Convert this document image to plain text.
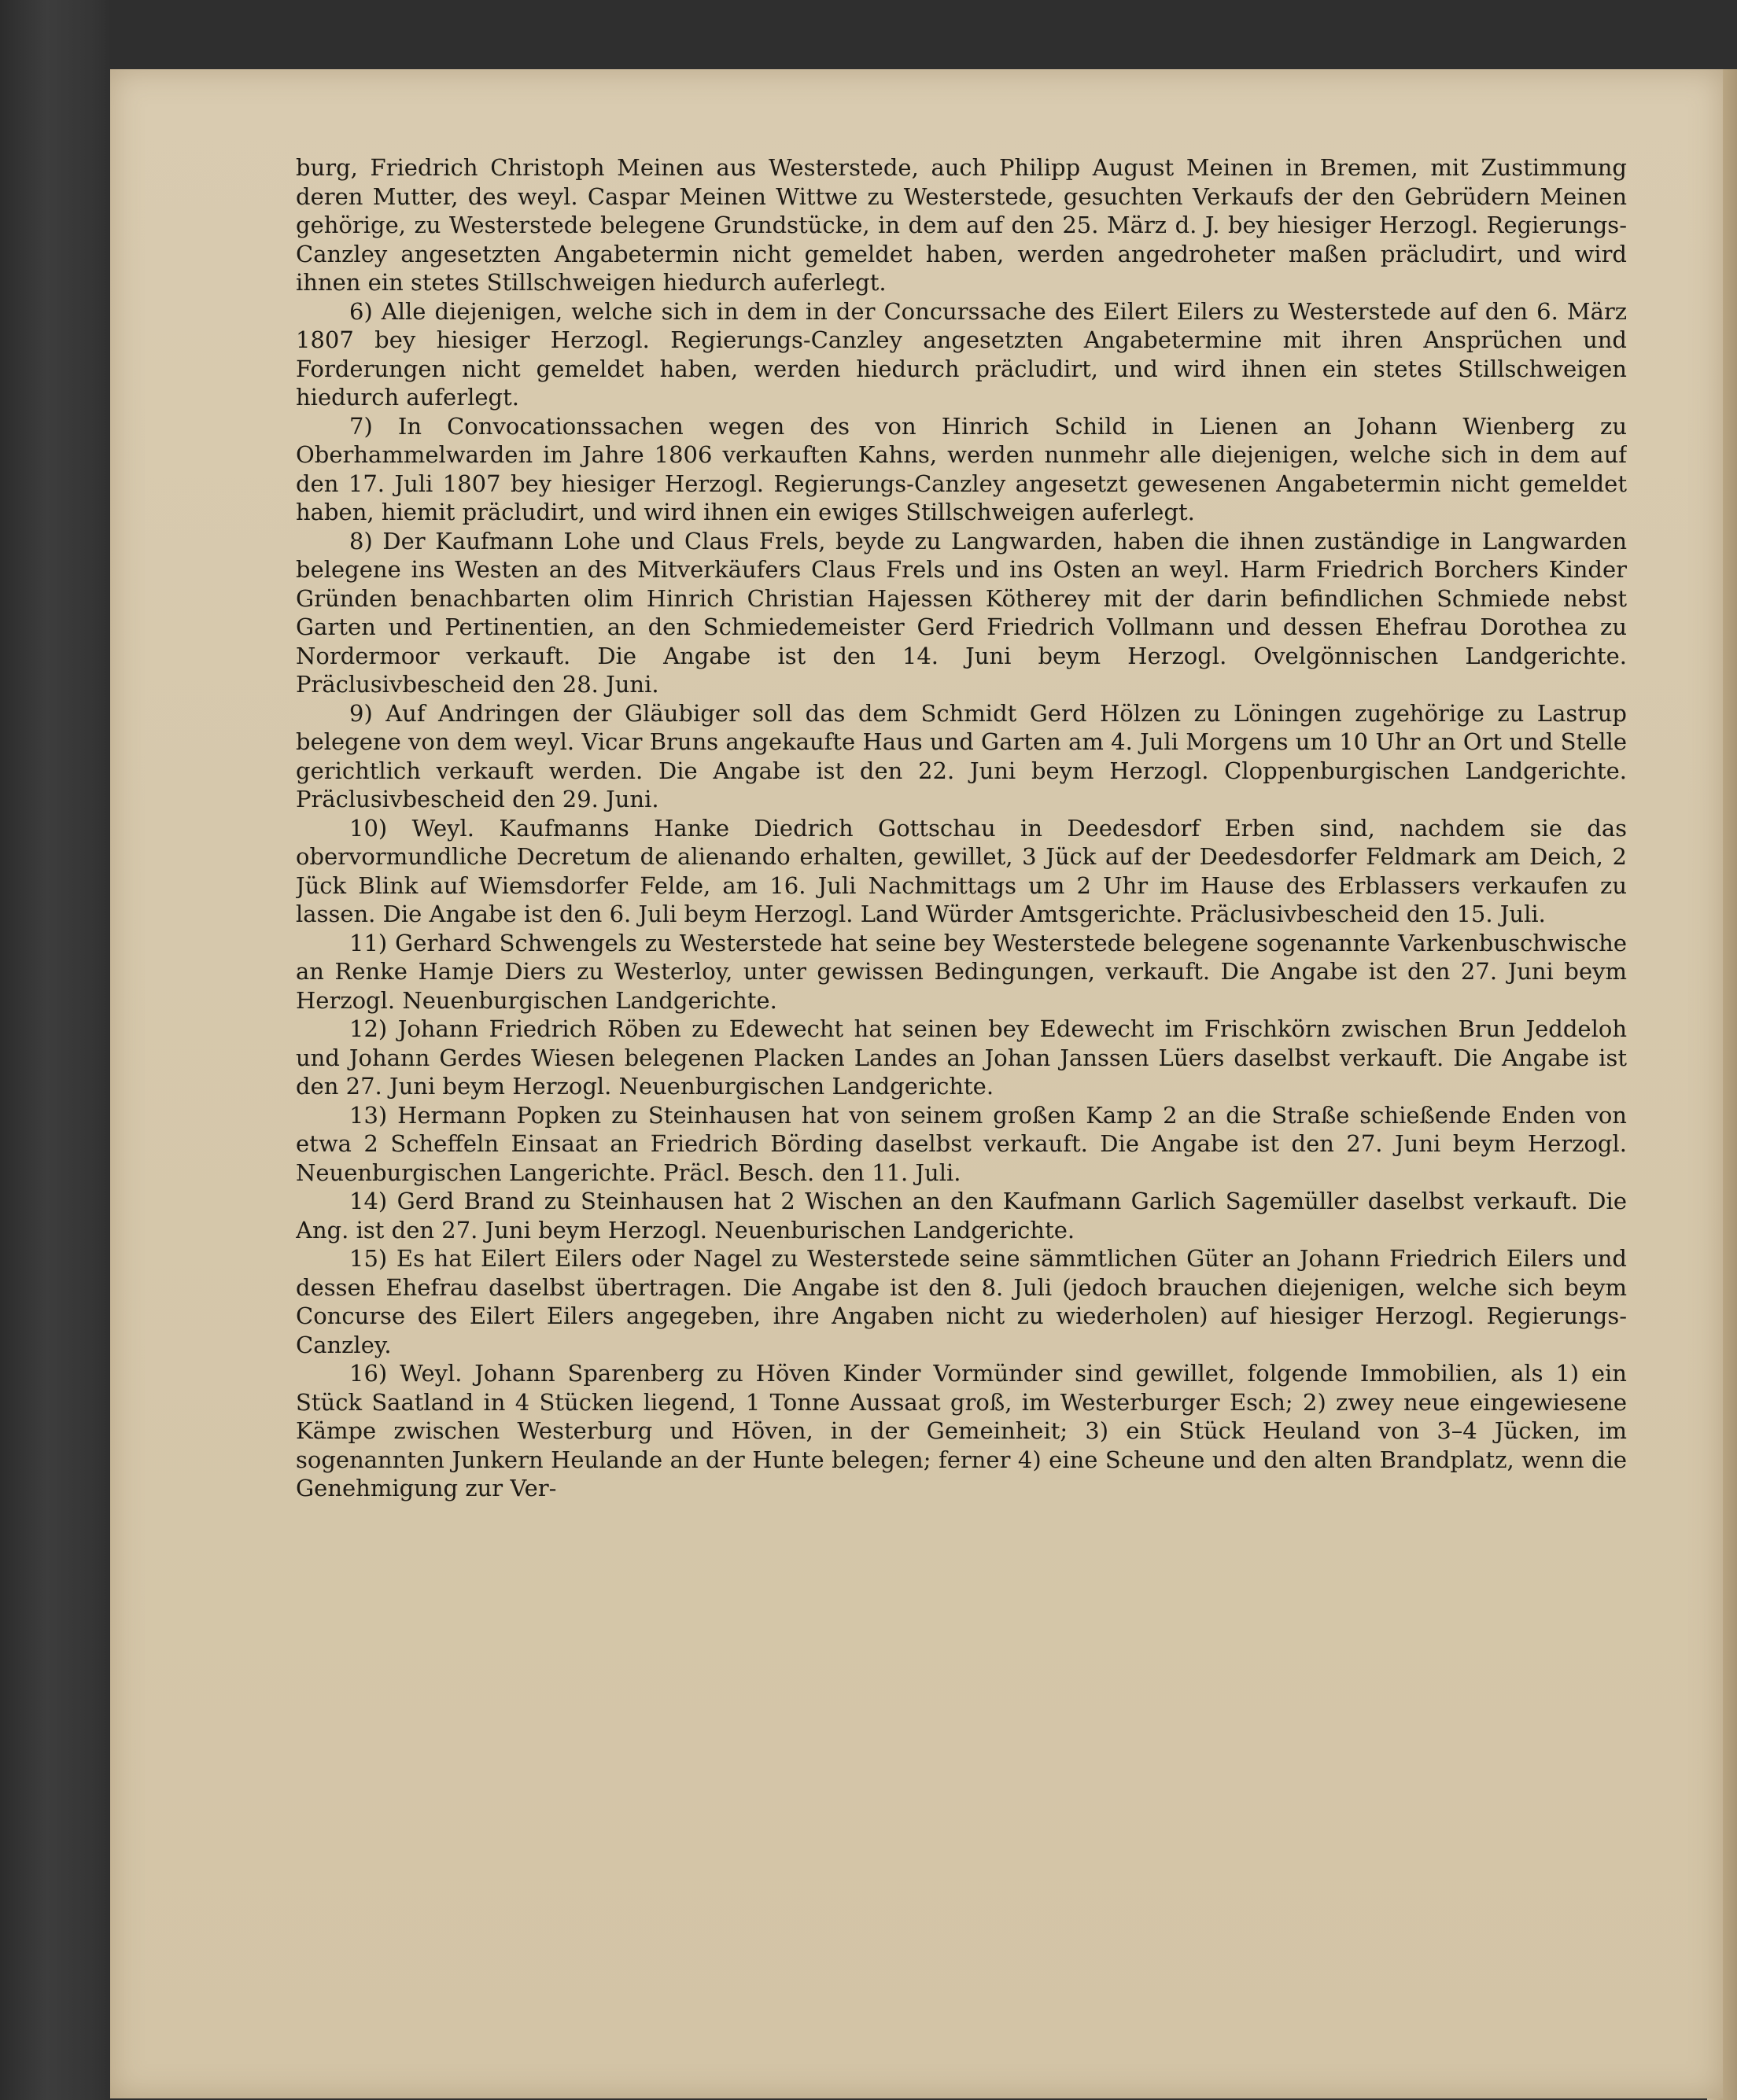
burg, Friedrich Christoph Meinen aus Westerstede, auch Philipp August Meinen in Bremen, mit Zustimmung deren Mutter, des weyl. Caspar Meinen Wittwe zu Westerstede, gesuchten Verkaufs der den Gebrüdern Meinen gehörige, zu Westerstede belegene Grundstücke, in dem auf den 25. März d. J. bey hiesiger Herzogl. Regierungs-Canzley angesetzten Angabetermin nicht gemeldet haben, werden angedroheter maßen präcludirt, und wird ihnen ein stetes Stillschweigen hiedurch auferlegt.

6) Alle diejenigen, welche sich in dem in der Concurssache des Eilert Eilers zu Westerstede auf den 6. März 1807 bey hiesiger Herzogl. Regierungs-Canzley angesetzten Angabetermine mit ihren Ansprüchen und Forderungen nicht gemeldet haben, werden hiedurch präcludirt, und wird ihnen ein stetes Stillschweigen hiedurch auferlegt.

7) In Convocationssachen wegen des von Hinrich Schild in Lienen an Johann Wienberg zu Oberhammelwarden im Jahre 1806 verkauften Kahns, werden nunmehr alle diejenigen, welche sich in dem auf den 17. Juli 1807 bey hiesiger Herzogl. Regierungs-Canzley angesetzt gewesenen Angabetermin nicht gemeldet haben, hiemit präcludirt, und wird ihnen ein ewiges Stillschweigen auferlegt.

8) Der Kaufmann Lohe und Claus Frels, beyde zu Langwarden, haben die ihnen zuständige in Langwarden belegene ins Westen an des Mitverkäufers Claus Frels und ins Osten an weyl. Harm Friedrich Borchers Kinder Gründen benachbarten olim Hinrich Christian Hajessen Kötherey mit der darin befindlichen Schmiede nebst Garten und Pertinentien, an den Schmiedemeister Gerd Friedrich Vollmann und dessen Ehefrau Dorothea zu Nordermoor verkauft. Die Angabe ist den 14. Juni beym Herzogl. Ovelgönnischen Landgerichte. Präclusivbescheid den 28. Juni.

9) Auf Andringen der Gläubiger soll das dem Schmidt Gerd Hölzen zu Löningen zugehörige zu Lastrup belegene von dem weyl. Vicar Bruns angekaufte Haus und Garten am 4. Juli Morgens um 10 Uhr an Ort und Stelle gerichtlich verkauft werden. Die Angabe ist den 22. Juni beym Herzogl. Cloppenburgischen Landgerichte. Präclusivbescheid den 29. Juni.

10) Weyl. Kaufmanns Hanke Diedrich Gottschau in Deedesdorf Erben sind, nachdem sie das obervormundliche Decretum de alienando erhalten, gewillet, 3 Jück auf der Deedesdorfer Feldmark am Deich, 2 Jück Blink auf Wiemsdorfer Felde, am 16. Juli Nachmittags um 2 Uhr im Hause des Erblassers verkaufen zu lassen. Die Angabe ist den 6. Juli beym Herzogl. Land Würder Amtsgerichte. Präclusivbescheid den 15. Juli.

11) Gerhard Schwengels zu Westerstede hat seine bey Westerstede belegene sogenannte Varkenbuschwische an Renke Hamje Diers zu Westerloy, unter gewissen Bedingungen, verkauft. Die Angabe ist den 27. Juni beym Herzogl. Neuenburgischen Landgerichte.

12) Johann Friedrich Röben zu Edewecht hat seinen bey Edewecht im Frischkörn zwischen Brun Jeddeloh und Johann Gerdes Wiesen belegenen Placken Landes an Johan Janssen Lüers daselbst verkauft. Die Angabe ist den 27. Juni beym Herzogl. Neuenburgischen Landgerichte.

13) Hermann Popken zu Steinhausen hat von seinem großen Kamp 2 an die Straße schießende Enden von etwa 2 Scheffeln Einsaat an Friedrich Börding daselbst verkauft. Die Angabe ist den 27. Juni beym Herzogl. Neuenburgischen Langerichte. Präcl. Besch. den 11. Juli.

14) Gerd Brand zu Steinhausen hat 2 Wischen an den Kaufmann Garlich Sagemüller daselbst verkauft. Die Ang. ist den 27. Juni beym Herzogl. Neuenburischen Landgerichte.

15) Es hat Eilert Eilers oder Nagel zu Westerstede seine sämmtlichen Güter an Johann Friedrich Eilers und dessen Ehefrau daselbst übertragen. Die Angabe ist den 8. Juli (jedoch brauchen diejenigen, welche sich beym Concurse des Eilert Eilers angegeben, ihre Angaben nicht zu wiederholen) auf hiesiger Herzogl. Regierungs-Canzley.

16) Weyl. Johann Sparenberg zu Höven Kinder Vormünder sind gewillet, folgende Immobilien, als 1) ein Stück Saatland in 4 Stücken liegend, 1 Tonne Aussaat groß, im Westerburger Esch; 2) zwey neue eingewiesene Kämpe zwischen Westerburg und Höven, in der Gemeinheit; 3) ein Stück Heuland von 3–4 Jücken, im sogenannten Junkern Heulande an der Hunte belegen; ferner 4) eine Scheune und den alten Brandplatz, wenn die Genehmigung zur Ver-
